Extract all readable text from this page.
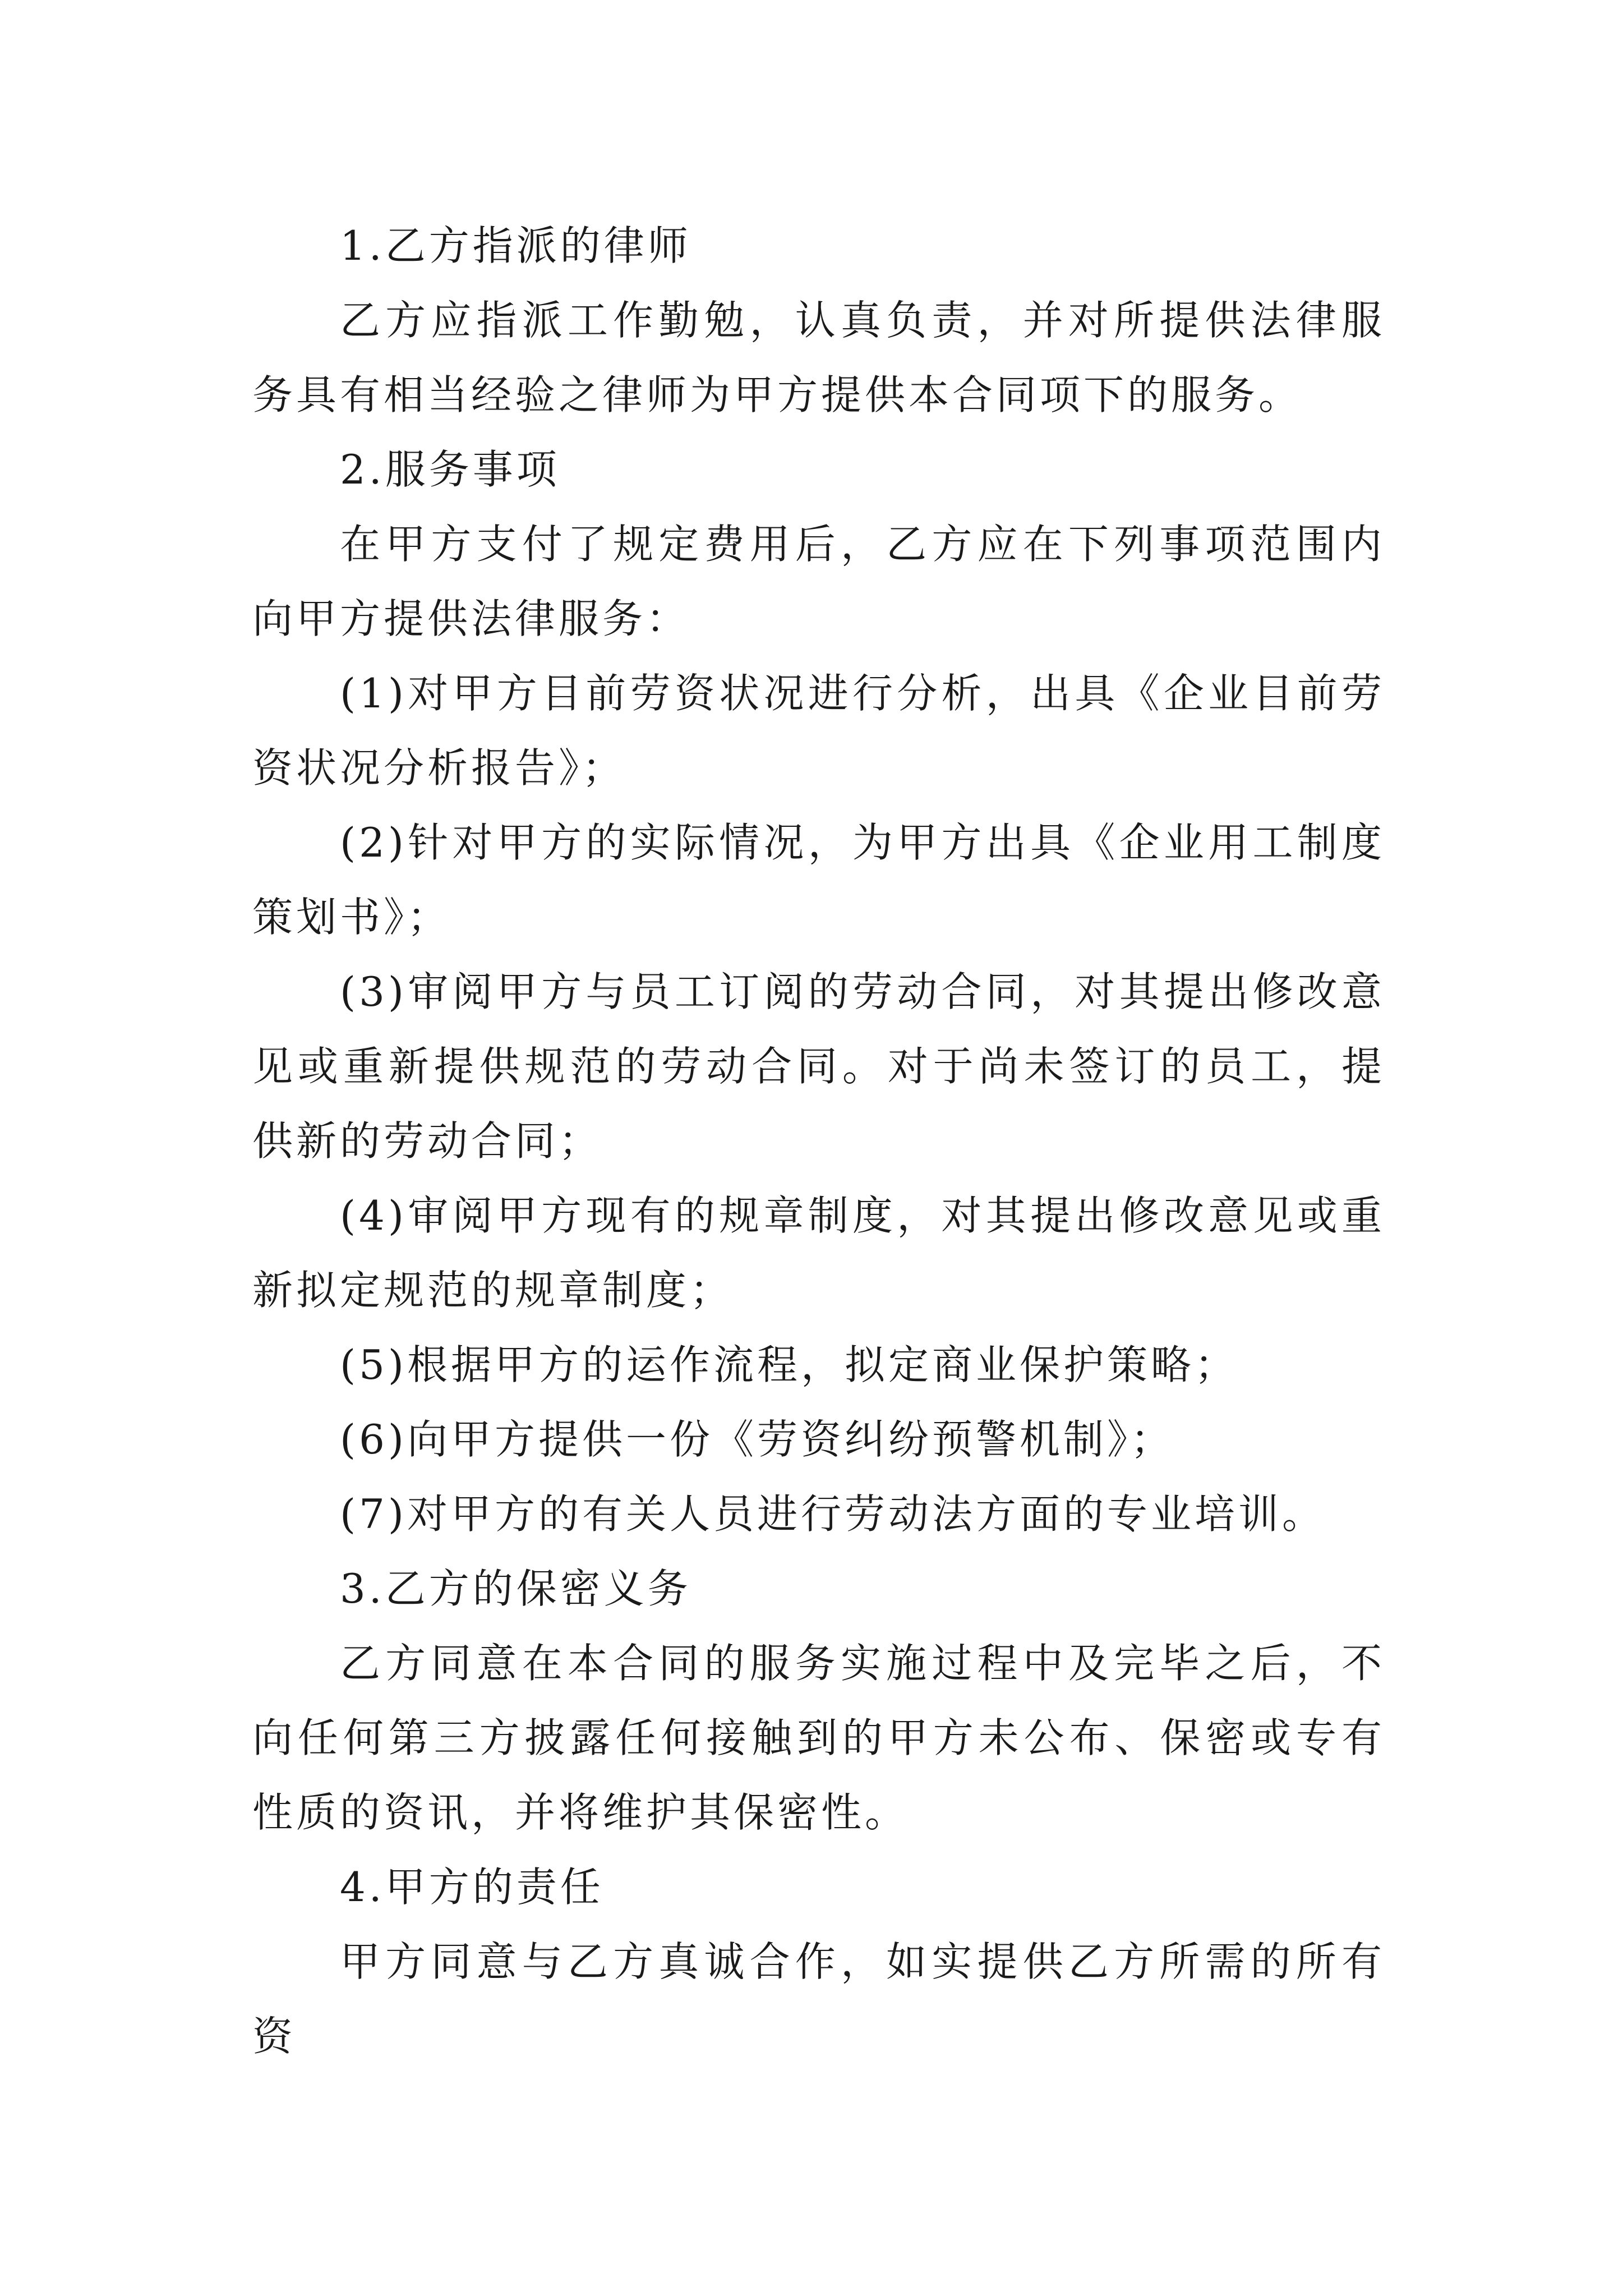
1.乙方指派的律师

乙方应指派工作勤勉，认真负责，并对所提供法律服务具有相当经验之律师为甲方提供本合同项下的服务。

2.服务事项

在甲方支付了规定费用后，乙方应在下列事项范围内向甲方提供法律服务：

(1)对甲方目前劳资状况进行分析，出具《企业目前劳资状况分析报告》；

(2)针对甲方的实际情况，为甲方出具《企业用工制度策划书》；

(3)审阅甲方与员工订阅的劳动合同，对其提出修改意见或重新提供规范的劳动合同。对于尚未签订的员工，提供新的劳动合同；

(4)审阅甲方现有的规章制度，对其提出修改意见或重新拟定规范的规章制度；

(5)根据甲方的运作流程，拟定商业保护策略；

(6)向甲方提供一份《劳资纠纷预警机制》；

(7)对甲方的有关人员进行劳动法方面的专业培训。

3.乙方的保密义务

乙方同意在本合同的服务实施过程中及完毕之后，不向任何第三方披露任何接触到的甲方未公布、保密或专有性质的资讯，并将维护其保密性。

4.甲方的责任

甲方同意与乙方真诚合作，如实提供乙方所需的所有资
